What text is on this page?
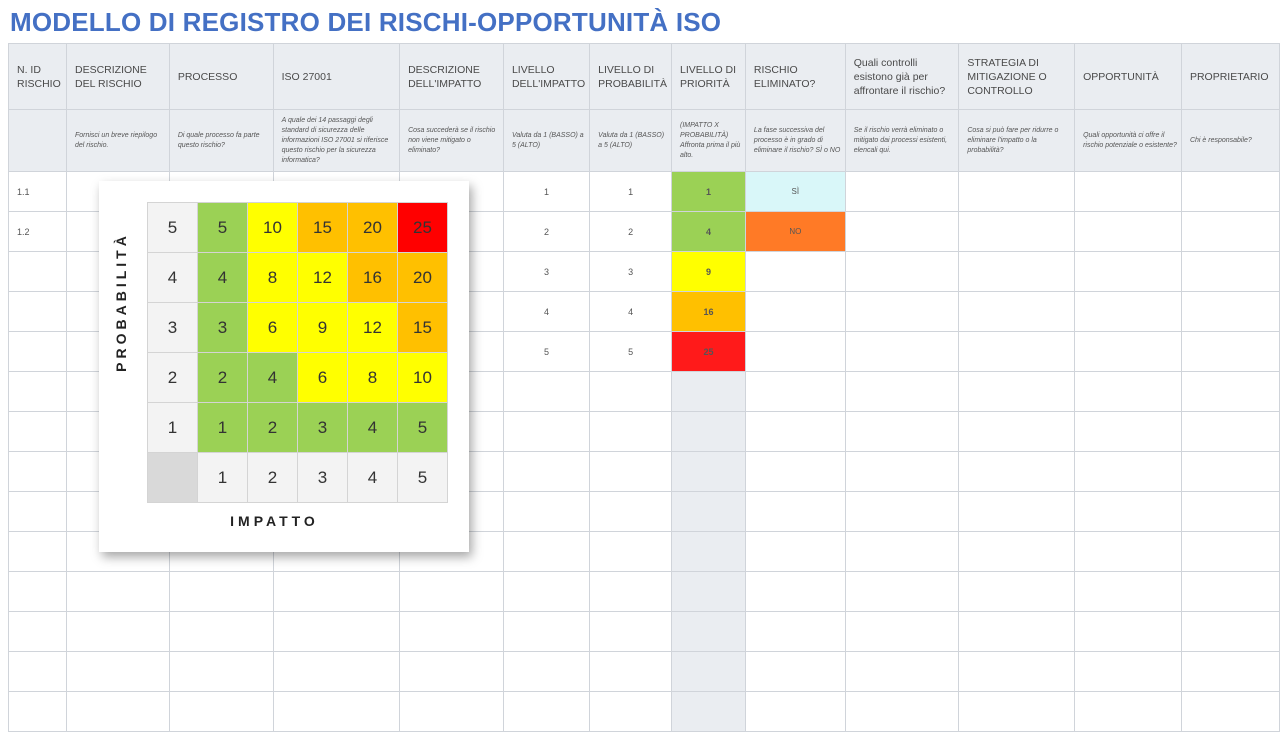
MODELLO DI REGISTRO DEI RISCHI-OPPORTUNITÀ ISO
N. ID RISCHIO	DESCRIZIONE DEL RISCHIO	PROCESSO	ISO 27001	DESCRIZIONE DELL'IMPATTO	LIVELLO DELL'IMPATTO	LIVELLO DI PROBABILITÀ	LIVELLO DI PRIORITÀ	RISCHIO ELIMINATO?	Quali controlli esistono già per affrontare il rischio?	STRATEGIA DI MITIGAZIONE O CONTROLLO	OPPORTUNITÀ	PROPRIETARIO
	Fornisci un breve riepilogo del rischio.	Di quale processo fa parte questo rischio?	A quale dei 14 passaggi degli standard di sicurezza delle informazioni ISO 27001 si riferisce questo rischio per la sicurezza informatica?	Cosa succederà se il rischio non viene mitigato o eliminato?	Valuta da 1 (BASSO) a 5 (ALTO)	Valuta da 1 (BASSO) a 5 (ALTO)	(IMPATTO X PROBABILITÀ) Affronta prima il più alto.	La fase successiva del processo è in grado di eliminare il rischio? SÌ o NO	Se il rischio verrà eliminato o mitigato dai processi esistenti, elencali qui.	Cosa si può fare per ridurre o eliminare l'impatto o la probabilità?	Quali opportunità ci offre il rischio potenziale o esistente?	Chi è responsabile?
1.1					1	1	1	SÌ				
1.2					2	2	4	NO				
					3	3	9					
					4	4	16					
					5	5	25					

PROBABILITÀ
5	5	10	15	20	25
4	4	8	12	16	20
3	3	6	9	12	15
2	2	4	6	8	10
1	1	2	3	4	5
	1	2	3	4	5
IMPATTO
